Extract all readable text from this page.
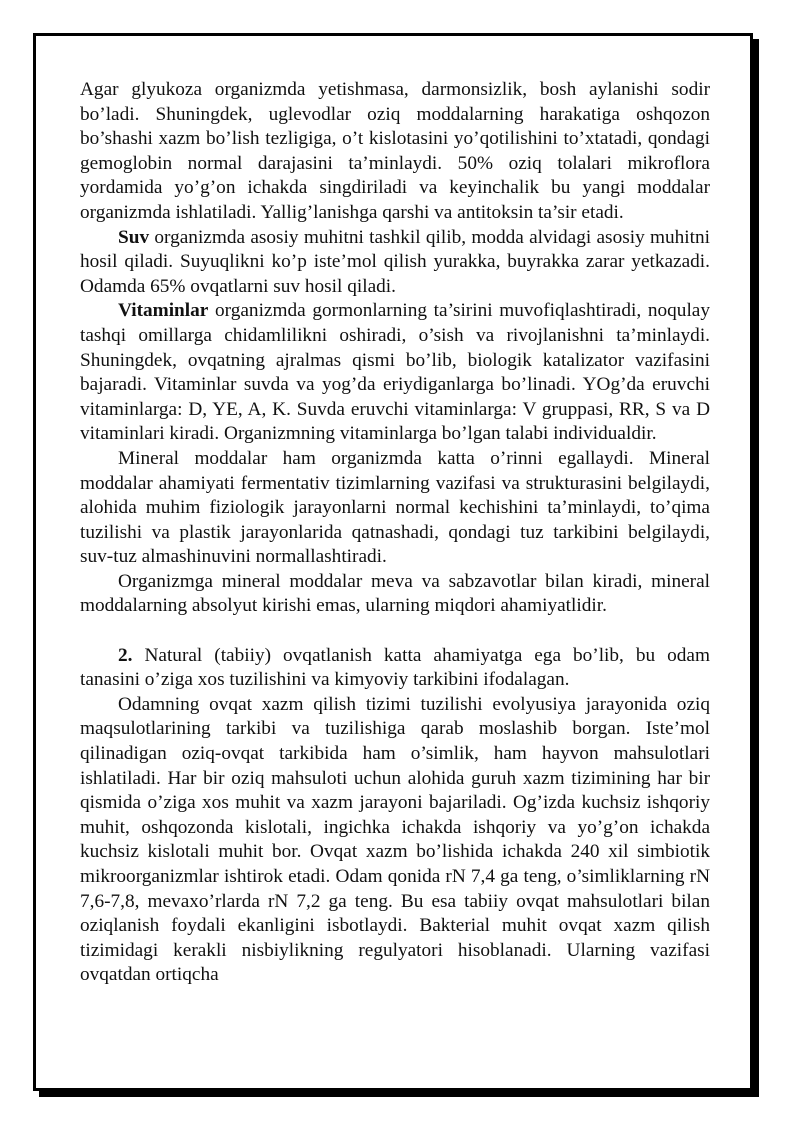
Agar glyukoza organizmda yetishmasa, darmonsizlik, bosh aylanishi sodir bo’ladi. Shuningdek, uglevodlar oziq moddalarning harakatiga oshqozon bo’shashi xazm bo’lish tezligiga, o’t kislotasini yo’qotilishini to’xtatadi, qondagi gemoglobin normal darajasini ta’minlaydi. 50% oziq tolalari mikroflora yordamida yo’g’on ichakda singdiriladi va keyinchalik bu yangi moddalar organizmda ishlatiladi. Yallig’lanishga qarshi va antitoksin ta’sir etadi.

Suv organizmda asosiy muhitni tashkil qilib, modda alvidagi asosiy muhitni hosil qiladi. Suyuqlikni ko’p iste’mol qilish yurakka, buyrakka zarar yetkazadi. Odamda 65% ovqatlarni suv hosil qiladi.

Vitaminlar organizmda gormonlarning ta’sirini muvofiqlashtiradi, noqulay tashqi omillarga chidamlilikni oshiradi, o’sish va rivojlanishni ta’minlaydi. Shuningdek, ovqatning ajralmas qismi bo’lib, biologik katalizator vazifasini bajaradi. Vitaminlar suvda va yog’da eriydiganlarga bo’linadi. YOg’da eruvchi vitaminlarga: D, YE, A, K. Suvda eruvchi vitaminlarga: V gruppasi, RR, S va D vitaminlari kiradi. Organizmning vitaminlarga bo’lgan talabi individualdir.

Mineral moddalar ham organizmda katta o’rinni egallaydi. Mineral moddalar ahamiyati fermentativ tizimlarning vazifasi va strukturasini belgilaydi, alohida muhim fiziologik jarayonlarni normal kechishini ta’minlaydi, to’qima tuzilishi va plastik jarayonlarida qatnashadi, qondagi tuz tarkibini belgilaydi, suv-tuz almashinuvini normallashtiradi.

Organizmga mineral moddalar meva va sabzavotlar bilan kiradi, mineral moddalarning absolyut kirishi emas, ularning miqdori ahamiyatlidir.

2. Natural (tabiiy) ovqatlanish katta ahamiyatga ega bo’lib, bu odam tanasini o’ziga xos tuzilishini va kimyoviy tarkibini ifodalagan.

Odamning ovqat xazm qilish tizimi tuzilishi evolyusiya jarayonida oziq maqsulotlarining tarkibi va tuzilishiga qarab moslashib borgan. Iste’mol qilinadigan oziq-ovqat tarkibida ham o’simlik, ham hayvon mahsulotlari ishlatiladi. Har bir oziq mahsuloti uchun alohida guruh xazm tizimining har bir qismida o’ziga xos muhit va xazm jarayoni bajariladi. Og’izda kuchsiz ishqoriy muhit, oshqozonda kislotali, ingichka ichakda ishqoriy va yo’g’on ichakda kuchsiz kislotali muhit bor. Ovqat xazm bo’lishida ichakda 240 xil simbiotik mikroorganizmlar ishtirok etadi. Odam qonida rN 7,4 ga teng, o’simliklarning rN 7,6-7,8, mevaxo’rlarda rN 7,2 ga teng. Bu esa tabiiy ovqat mahsulotlari bilan oziqlanish foydali ekanligini isbotlaydi. Bakterial muhit ovqat xazm qilish tizimidagi kerakli nisbiylikning regulyatori hisoblanadi. Ularning vazifasi ovqatdan ortiqcha
